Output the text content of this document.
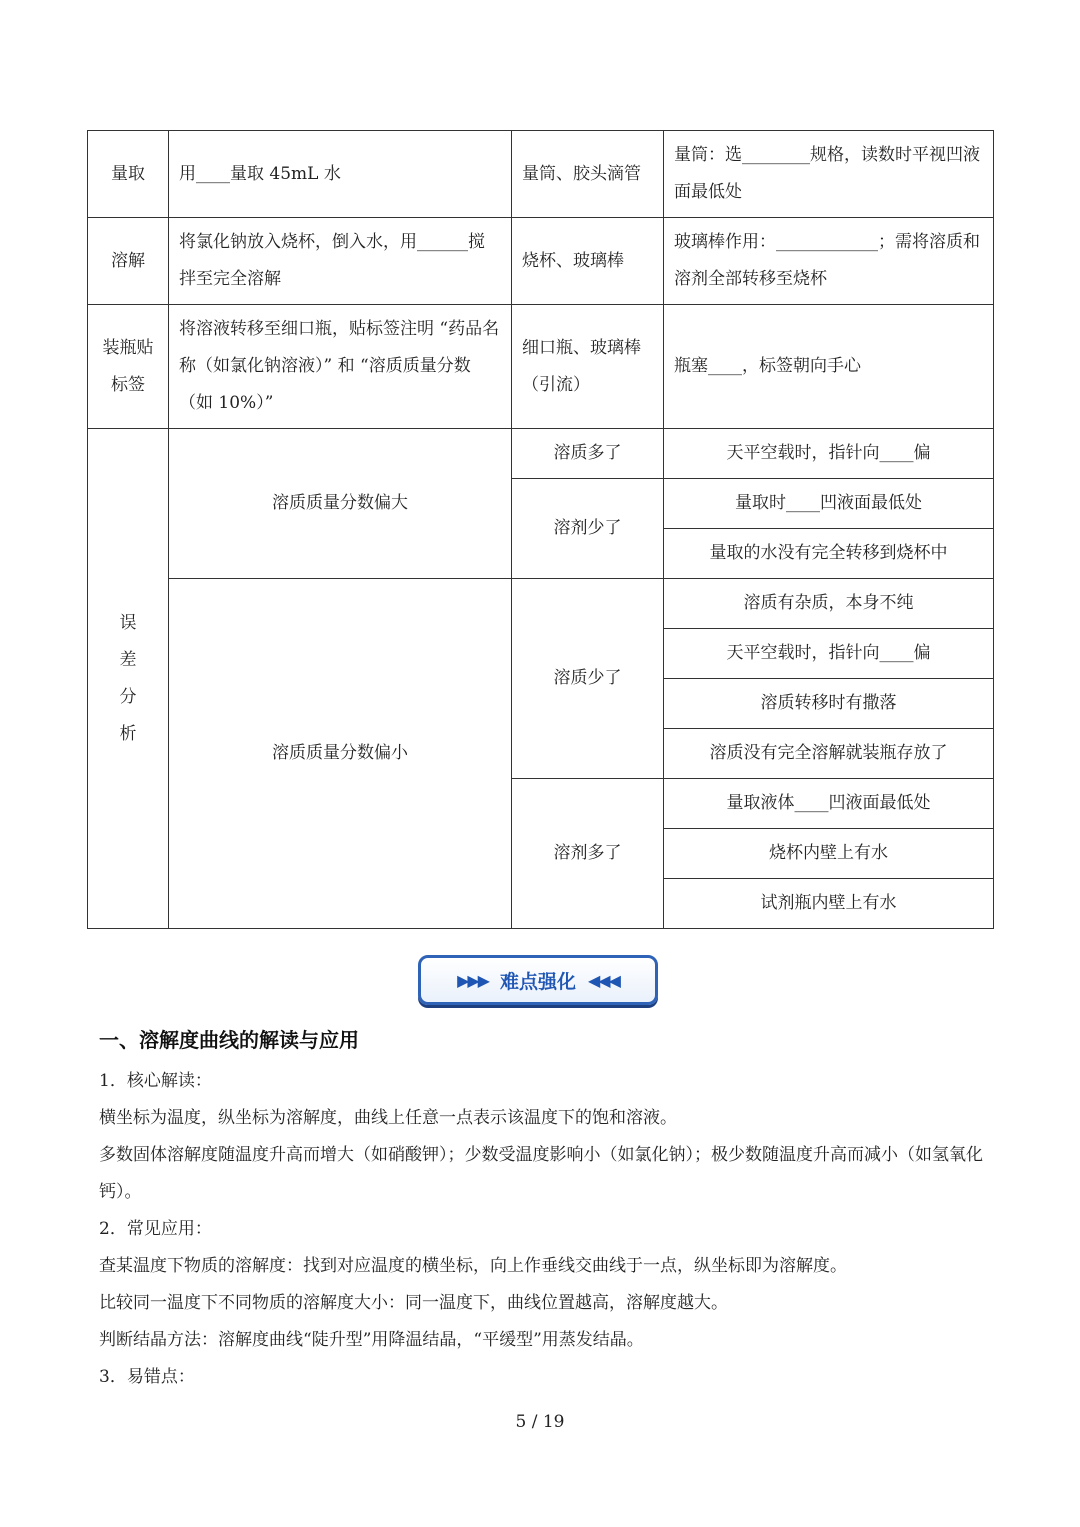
量取	用____量取 45mL 水	量筒、胶头滴管	量筒：选________规格，读数时平视凹液面最低处
溶解	将氯化钠放入烧杯，倒入水，用______搅拌至完全溶解	烧杯、玻璃棒	玻璃棒作用：____________；需将溶质和溶剂全部转移至烧杯
装瓶贴标签	将溶液转移至细口瓶，贴标签注明 “药品名称（如氯化钠溶液）” 和 “溶质质量分数（如 10%）”	细口瓶、玻璃棒（引流）	瓶塞____，标签朝向手心

误
差
分
析	溶质质量分数偏大	溶质多了	天平空载时，指针向____偏
		溶剂少了	量取时____凹液面最低处
			量取的水没有完全转移到烧杯中
	溶质质量分数偏小	溶质少了	溶质有杂质，本身不纯
			天平空载时，指针向____偏
			溶质转移时有撒落
			溶质没有完全溶解就装瓶存放了
		溶剂多了	量取液体____凹液面最低处
			烧杯内壁上有水
			试剂瓶内壁上有水
▶▶▶ 难点强化 ◀◀◀
一、溶解度曲线的解读与应用

1．核心解读：

横坐标为温度，纵坐标为溶解度，曲线上任意一点表示该温度下的饱和溶液。

多数固体溶解度随温度升高而增大（如硝酸钾）；少数受温度影响小（如氯化钠）；极少数随温度升高而减小（如氢氧化钙）。

2．常见应用：

查某温度下物质的溶解度：找到对应温度的横坐标，向上作垂线交曲线于一点，纵坐标即为溶解度。

比较同一温度下不同物质的溶解度大小：同一温度下，曲线位置越高，溶解度越大。

判断结晶方法：溶解度曲线“陡升型”用降温结晶，“平缓型”用蒸发结晶。

3．易错点：

5 / 19
